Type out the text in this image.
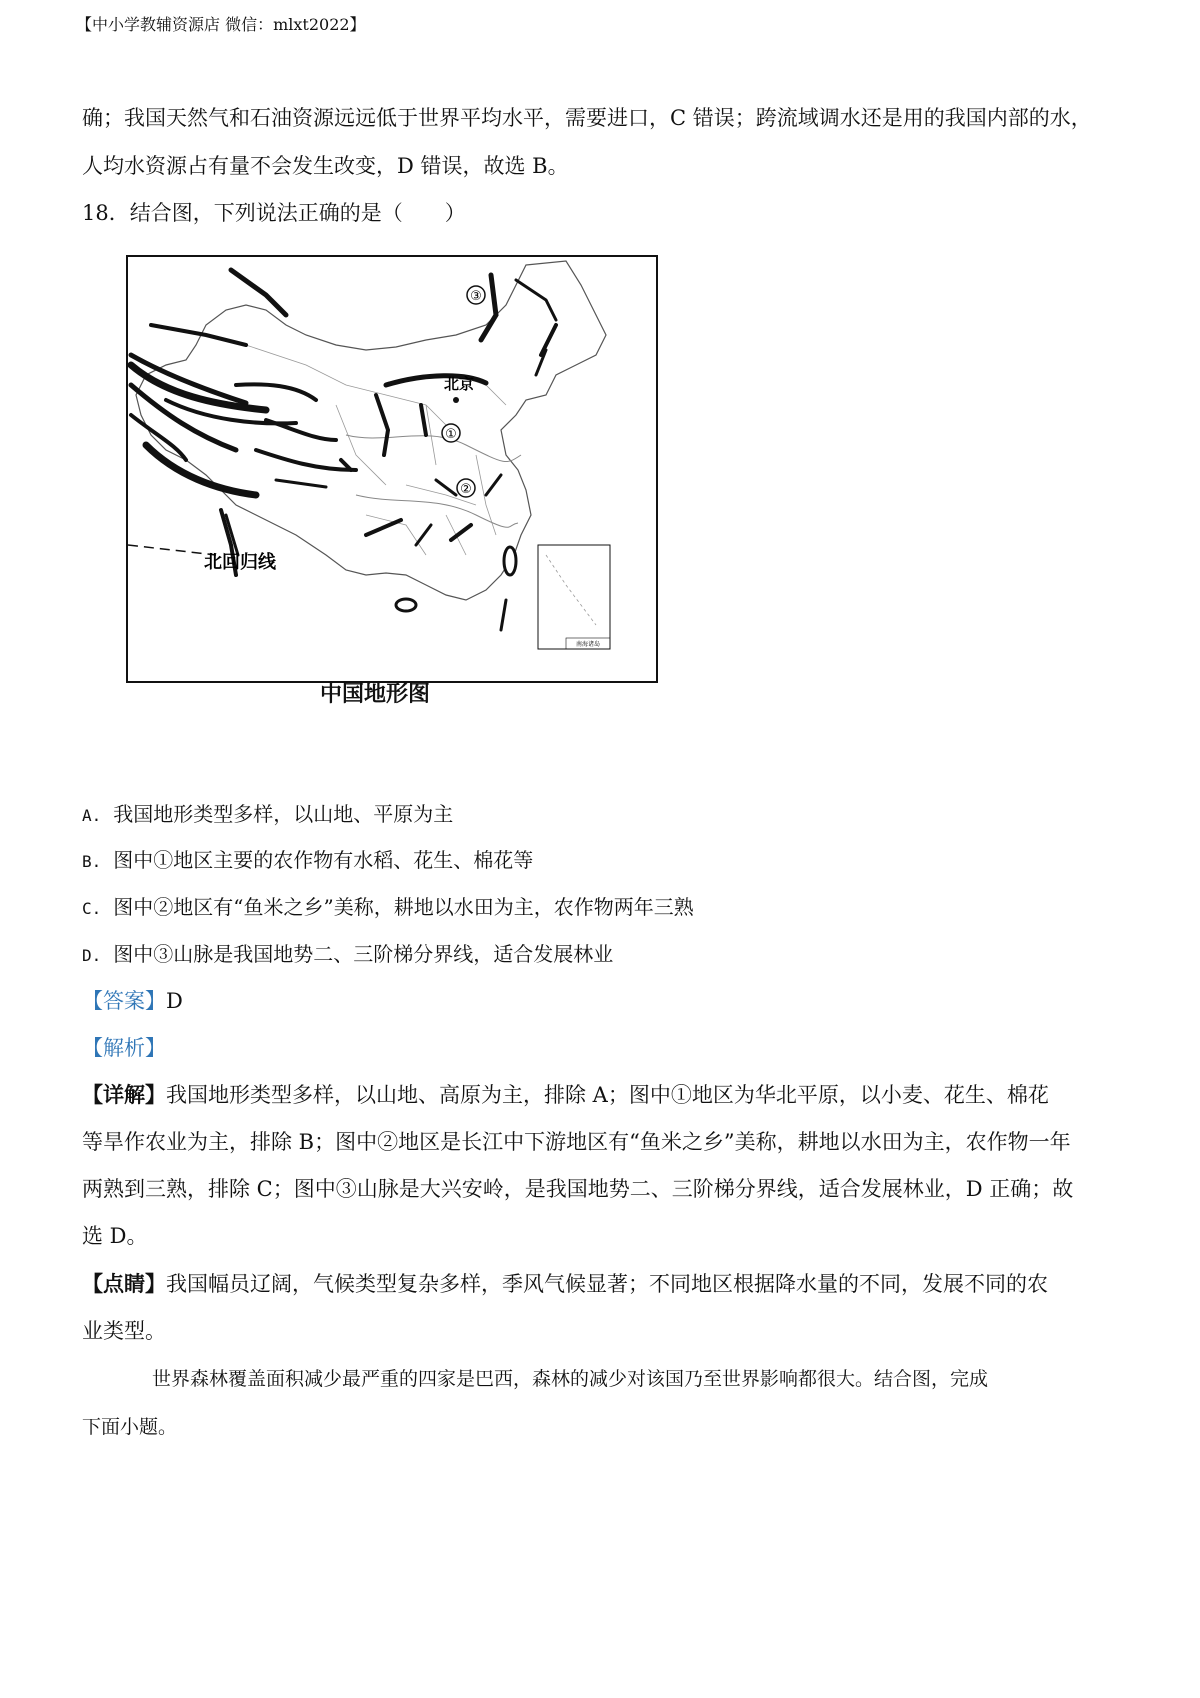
【中小学教辅资源店 微信：mlxt2022】
确；我国天然气和石油资源远远低于世界平均水平，需要进口，C 错误；跨流域调水还是用的我国内部的水，
人均水资源占有量不会发生改变，D 错误，故选 B。
18．结合图，下列说法正确的是（　　）
③
①
②
北京
北回归线
南海诸岛
中国地形图
A. 我国地形类型多样，以山地、平原为主
B. 图中①地区主要的农作物有水稻、花生、棉花等
C. 图中②地区有“鱼米之乡”美称，耕地以水田为主，农作物两年三熟
D. 图中③山脉是我国地势二、三阶梯分界线，适合发展林业
【答案】D
【解析】
【详解】我国地形类型多样，以山地、高原为主，排除 A；图中①地区为华北平原，以小麦、花生、棉花
等旱作农业为主，排除 B；图中②地区是长江中下游地区有“鱼米之乡”美称，耕地以水田为主，农作物一年
两熟到三熟，排除 C；图中③山脉是大兴安岭，是我国地势二、三阶梯分界线，适合发展林业，D 正确；故
选 D。
【点睛】我国幅员辽阔，气候类型复杂多样，季风气候显著；不同地区根据降水量的不同，发展不同的农
业类型。
世界森林覆盖面积减少最严重的四家是巴西，森林的减少对该国乃至世界影响都很大。结合图，完成
下面小题。
